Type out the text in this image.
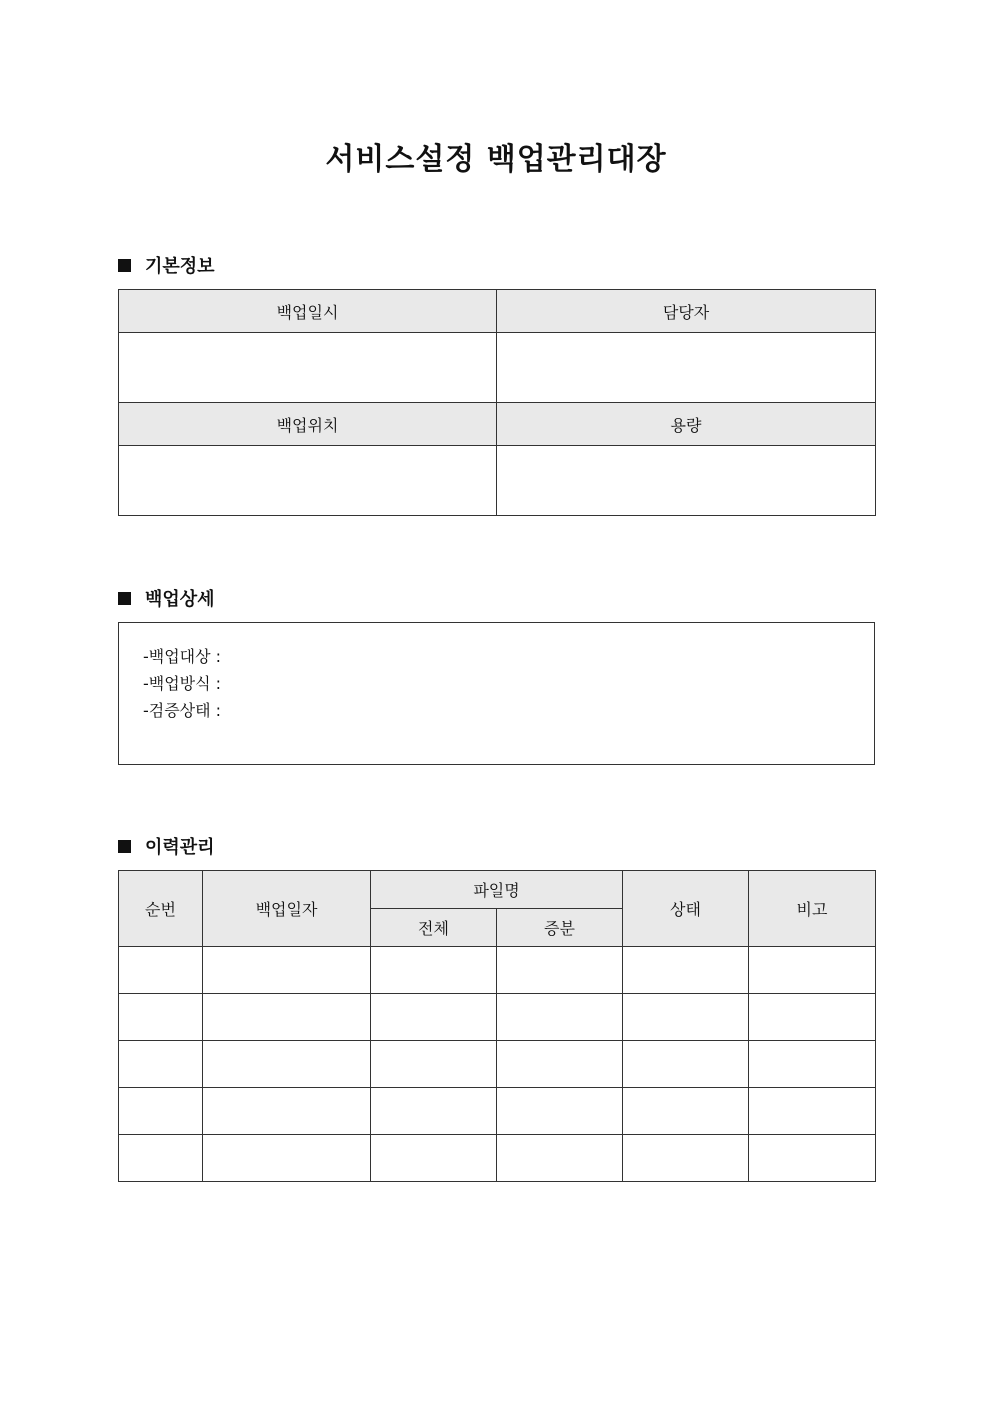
서비스설정 백업관리대장
기본정보
백업일시	담당자

백업위치	용량

백업상세
-백업대상 :
-백업방식 :
-검증상태 :
이력관리
순번	백업일자	파일명		상태	비고
		전체	증분		
